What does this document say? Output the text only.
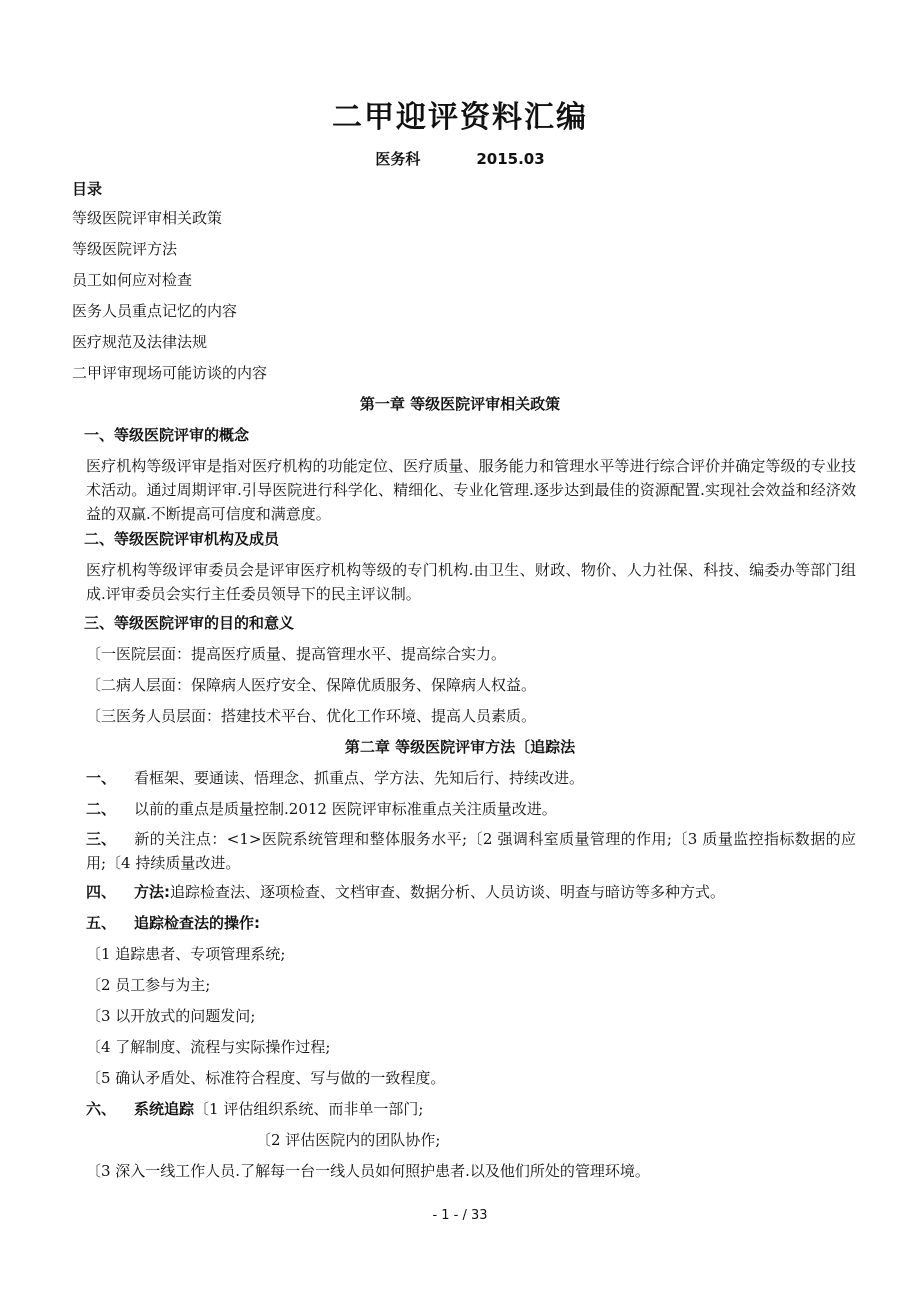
二甲迎评资料汇编
医务科	2015.03
目录
等级医院评审相关政策
等级医院评方法
员工如何应对检查
医务人员重点记忆的内容
医疗规范及法律法规
二甲评审现场可能访谈的内容
第一章 等级医院评审相关政策
一、等级医院评审的概念

医疗机构等级评审是指对医疗机构的功能定位、医疗质量、服务能力和管理水平等进行综合评价并确定等级的专业技术活动。通过周期评审.引导医院进行科学化、精细化、专业化管理.逐步达到最佳的资源配置.实现社会效益和经济效益的双赢.不断提高可信度和满意度。

二、等级医院评审机构及成员

医疗机构等级评审委员会是评审医疗机构等级的专门机构.由卫生、财政、物价、人力社保、科技、编委办等部门组成.评审委员会实行主任委员领导下的民主评议制。

三、等级医院评审的目的和意义
〔一医院层面：提高医疗质量、提高管理水平、提高综合实力。
〔二病人层面：保障病人医疗安全、保障优质服务、保障病人权益。
〔三医务人员层面：搭建技术平台、优化工作环境、提高人员素质。
第二章 等级医院评审方法〔追踪法
一、 看框架、要通读、悟理念、抓重点、学方法、先知后行、持续改进。
二、 以前的重点是质量控制.2012 医院评审标准重点关注质量改进。

三、 新的关注点：<1>医院系统管理和整体服务水平;〔2 强调科室质量管理的作用;〔3 质量监控指标数据的应用;〔4 持续质量改进。

四、 方法:追踪检查法、逐项检查、文档审查、数据分析、人员访谈、明查与暗访等多种方式。
五、 追踪检查法的操作:
〔1 追踪患者、专项管理系统;
〔2 员工参与为主;
〔3 以开放式的问题发问;
〔4 了解制度、流程与实际操作过程;
〔5 确认矛盾处、标准符合程度、写与做的一致程度。
六、 系统追踪〔1 评估组织系统、而非单一部门;
〔2 评估医院内的团队协作;
〔3 深入一线工作人员.了解每一台一线人员如何照护患者.以及他们所处的管理环境。
- 1 - / 33
